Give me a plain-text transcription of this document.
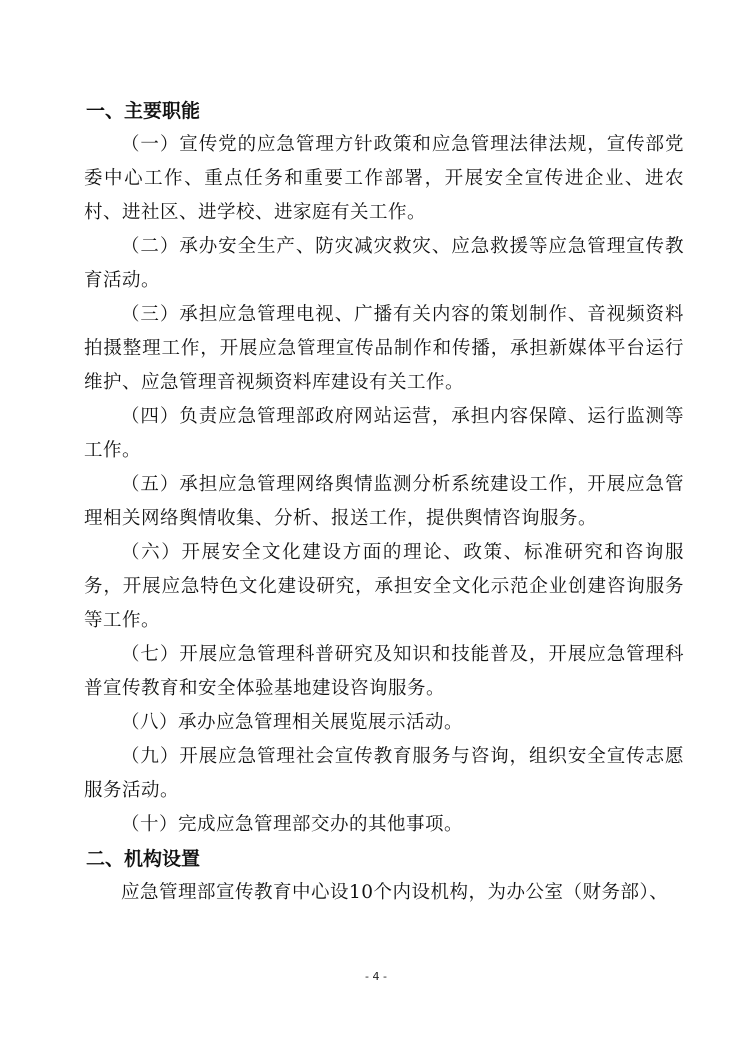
一、主要职能

（一）宣传党的应急管理方针政策和应急管理法律法规，宣传部党委中心工作、重点任务和重要工作部署，开展安全宣传进企业、进农村、进社区、进学校、进家庭有关工作。

（二）承办安全生产、防灾减灾救灾、应急救援等应急管理宣传教育活动。

（三）承担应急管理电视、广播有关内容的策划制作、音视频资料拍摄整理工作，开展应急管理宣传品制作和传播，承担新媒体平台运行维护、应急管理音视频资料库建设有关工作。

（四）负责应急管理部政府网站运营，承担内容保障、运行监测等工作。

（五）承担应急管理网络舆情监测分析系统建设工作，开展应急管理相关网络舆情收集、分析、报送工作，提供舆情咨询服务。

（六）开展安全文化建设方面的理论、政策、标准研究和咨询服务，开展应急特色文化建设研究，承担安全文化示范企业创建咨询服务等工作。

（七）开展应急管理科普研究及知识和技能普及，开展应急管理科普宣传教育和安全体验基地建设咨询服务。

（八）承办应急管理相关展览展示活动。

（九）开展应急管理社会宣传教育服务与咨询，组织安全宣传志愿服务活动。

（十）完成应急管理部交办的其他事项。

二、机构设置

应急管理部宣传教育中心设10个内设机构，为办公室（财务部）、

- 4 -
